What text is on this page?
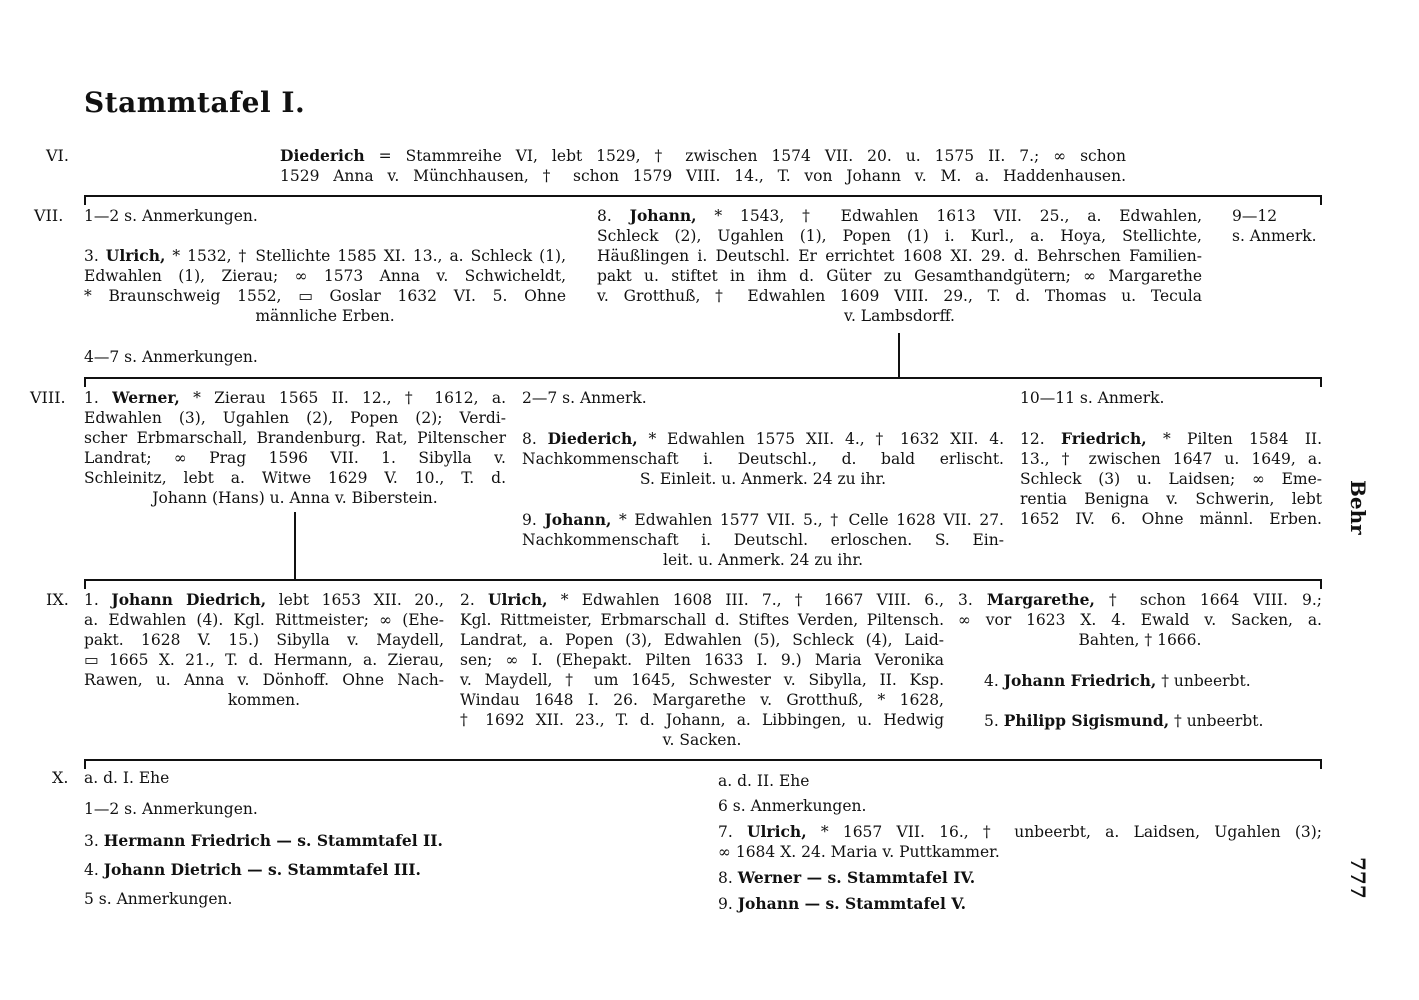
Stammtafel I.
Behr
777
VI.
VII.
VIII.
IX.
X.
Diederich = Stammreihe VI, lebt 1529, † zwischen 1574 VII. 20. u. 1575 II. 7.; ∞ schon
1529 Anna v. Münchhausen, † schon 1579 VIII. 14., T. von Johann v. M. a. Haddenhausen.
1—2 s. Anmerkungen.
3. Ulrich, * 1532, † Stellichte 1585 XI. 13., a. Schleck (1),
Edwahlen (1), Zierau; ∞ 1573 Anna v. Schwicheldt,
* Braunschweig 1552, ▭ Goslar 1632 VI. 5. Ohne
männliche Erben.
4—7 s. Anmerkungen.
8. Johann, * 1543, † Edwahlen 1613 VII. 25., a. Edwahlen,
Schleck (2), Ugahlen (1), Popen (1) i. Kurl., a. Hoya, Stellichte,
Häußlingen i. Deutschl. Er errichtet 1608 XI. 29. d. Behrschen Familien-
pakt u. stiftet in ihm d. Güter zu Gesamthandgütern; ∞ Margarethe
v. Grotthuß, † Edwahlen 1609 VIII. 29., T. d. Thomas u. Tecula
v. Lambsdorff.
9—12
s. Anmerk.
1. Werner, * Zierau 1565 II. 12., † 1612, a.
Edwahlen (3), Ugahlen (2), Popen (2); Verdi-
scher Erbmarschall, Brandenburg. Rat, Piltenscher
Landrat; ∞ Prag 1596 VII. 1. Sibylla v.
Schleinitz, lebt a. Witwe 1629 V. 10., T. d.
Johann (Hans) u. Anna v. Biberstein.
2—7 s. Anmerk.
8. Diederich, * Edwahlen 1575 XII. 4., † 1632 XII. 4.
Nachkommenschaft i. Deutschl., d. bald erlischt.
S. Einleit. u. Anmerk. 24 zu ihr.
9. Johann, * Edwahlen 1577 VII. 5., † Celle 1628 VII. 27.
Nachkommenschaft i. Deutschl. erloschen. S. Ein-
leit. u. Anmerk. 24 zu ihr.
10—11 s. Anmerk.
12. Friedrich, * Pilten 1584 II.
13., † zwischen 1647 u. 1649, a.
Schleck (3) u. Laidsen; ∞ Eme-
rentia Benigna v. Schwerin, lebt
1652 IV. 6. Ohne männl. Erben.
1. Johann Diedrich, lebt 1653 XII. 20.,
a. Edwahlen (4). Kgl. Rittmeister; ∞ (Ehe-
pakt. 1628 V. 15.) Sibylla v. Maydell,
▭ 1665 X. 21., T. d. Hermann, a. Zierau,
Rawen, u. Anna v. Dönhoff. Ohne Nach-
kommen.
2. Ulrich, * Edwahlen 1608 III. 7., † 1667 VIII. 6.,
Kgl. Rittmeister, Erbmarschall d. Stiftes Verden, Piltensch.
Landrat, a. Popen (3), Edwahlen (5), Schleck (4), Laid-
sen; ∞ I. (Ehepakt. Pilten 1633 I. 9.) Maria Veronika
v. Maydell, † um 1645, Schwester v. Sibylla, II. Ksp.
Windau 1648 I. 26. Margarethe v. Grotthuß, * 1628,
† 1692 XII. 23., T. d. Johann, a. Libbingen, u. Hedwig
v. Sacken.
3. Margarethe, † schon 1664 VIII. 9.;
∞ vor 1623 X. 4. Ewald v. Sacken, a.
Bahten, † 1666.
4. Johann Friedrich, † unbeerbt.
5. Philipp Sigismund, † unbeerbt.
a. d. I. Ehe
1—2 s. Anmerkungen.
3. Hermann Friedrich — s. Stammtafel II.
4. Johann Dietrich — s. Stammtafel III.
5 s. Anmerkungen.
a. d. II. Ehe
6 s. Anmerkungen.
7. Ulrich, * 1657 VII. 16., † unbeerbt, a. Laidsen, Ugahlen (3);
∞ 1684 X. 24. Maria v. Puttkammer.
8. Werner — s. Stammtafel IV.
9. Johann — s. Stammtafel V.
